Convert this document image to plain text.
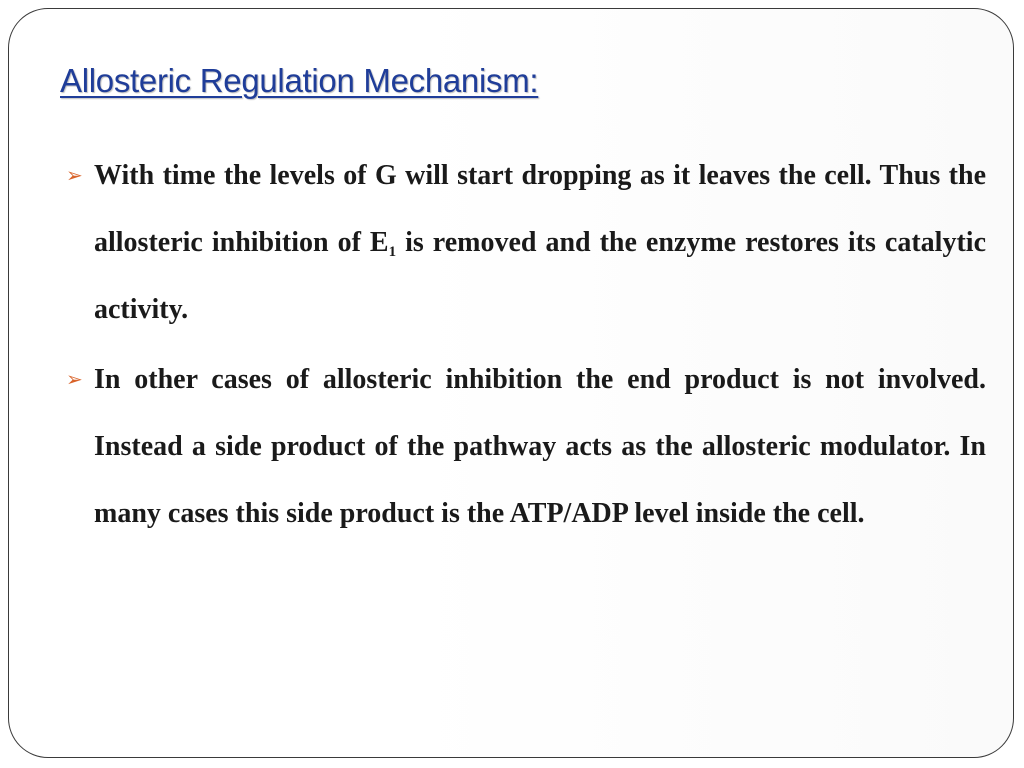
Allosteric Regulation Mechanism:
➢ With time the levels of G will start dropping as it leaves the cell. Thus the allosteric inhibition of $E_1$ is removed and the enzyme restores its catalytic activity.
➢ In other cases of allosteric inhibition the end product is not involved. Instead a side product of the pathway acts as the allosteric modulator. In many cases this side product is the ATP/ADP level inside the cell.
